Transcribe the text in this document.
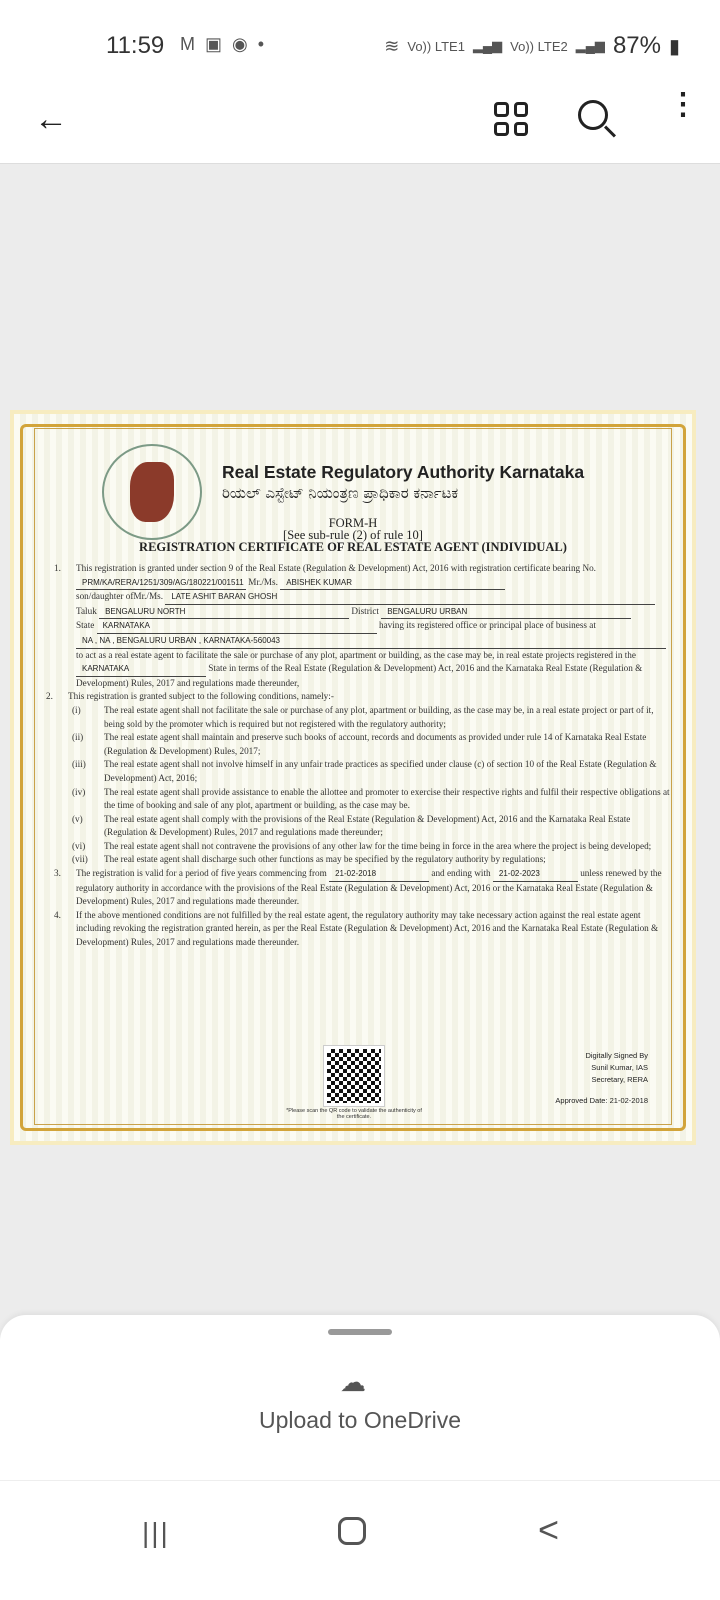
11:59 M ▣ ◉ •	≋ Vo)) LTE1 ▂▄▆ Vo)) LTE2 ▂▄▆ 87% ▮
←	⋮
Real Estate Regulatory Authority Karnataka
ರಿಯಲ್ ಎಸ್ಟೇಟ್ ನಿಯಂತ್ರಣ ಪ್ರಾಧಿಕಾರ ಕರ್ನಾಟಕ
FORM-H
[See sub-rule (2) of rule 10]
REGISTRATION CERTIFICATE OF REAL ESTATE AGENT (INDIVIDUAL)
1. This registration is granted under section 9 of the Real Estate (Regulation & Development) Act, 2016 with registration certificate bearing No. PRM/KA/RERA/1251/309/AG/180221/001511 Mr./Ms. ABISHEK KUMAR
son/daughter ofMr./Ms. LATE ASHIT BARAN GHOSH
Taluk BENGALURU NORTH	District BENGALURU URBAN
State KARNATAKA	having its registered office or principal place of business at
NA , NA , BENGALURU URBAN , KARNATAKA-560043
to act as a real estate agent to facilitate the sale or purchase of any plot, apartment or building, as the case may be, in real estate projects registered in the KARNATAKA	State in terms of the Real Estate (Regulation & Development) Act, 2016 and the Karnataka Real Estate (Regulation & Development) Rules, 2017 and regulations made thereunder,
2. This registration is granted subject to the following conditions, namely:-
(i)	The real estate agent shall not facilitate the sale or purchase of any plot, apartment or building, as the case may be, in a real estate project or part of it, being sold by the promoter which is required but not registered with the regulatory authority;
(ii) The real estate agent shall maintain and preserve such books of account, records and documents as provided under rule 14 of Karnataka Real Estate (Regulation & Development) Rules, 2017;
(iii) The real estate agent shall not involve himself in any unfair trade practices as specified under clause (c) of section 10 of the Real Estate (Regulation & Development) Act, 2016;
(iv) The real estate agent shall provide assistance to enable the allottee and promoter to exercise their respective rights and fulfil their respective obligations at the time of booking and sale of any plot, apartment or building, as the case may be.
(v) The real estate agent shall comply with the provisions of the Real Estate (Regulation & Development) Act, 2016 and the Karnataka Real Estate (Regulation & Development) Rules, 2017 and regulations made thereunder;
(vi) The real estate agent shall not contravene the provisions of any other law for the time being in force in the area where the project is being developed;
(vii) The real estate agent shall discharge such other functions as may be specified by the regulatory authority by regulations;
3. The registration is valid for a period of five years commencing from 21-02-2018	and ending with 21-02-2023	unless renewed by the regulatory authority in accordance with the provisions of the Real Estate (Regulation & Development) Act, 2016 or the Karnataka Real Estate (Regulation & Development) Rules, 2017 and regulations made thereunder.
4. If the above mentioned conditions are not fulfilled by the real estate agent, the regulatory authority may take necessary action against the real estate agent including revoking the registration granted herein, as per the Real Estate (Regulation & Development) Act, 2016 and the Karnataka Real Estate (Regulation & Development) Rules, 2017 and regulations made thereunder.
*Please scan the QR code to validate the authenticity of the certificate.
Digitally Signed By
Sunil Kumar, IAS
Secretary, RERA
Approved Date: 21-02-2018
☁
Upload to OneDrive
|||	<
